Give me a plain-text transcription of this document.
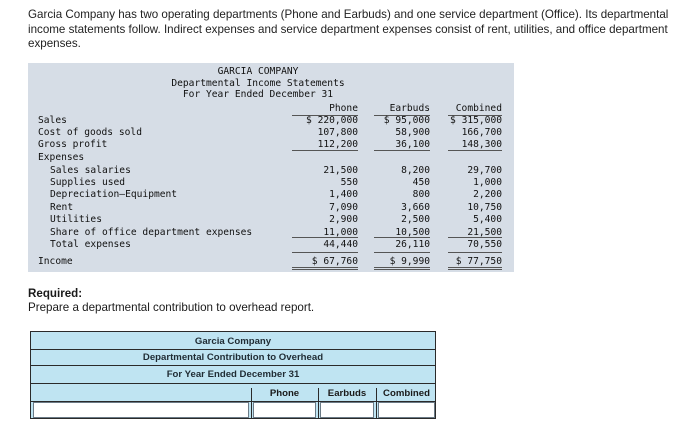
Garcia Company has two operating departments (Phone and Earbuds) and one service department (Office). Its departmental income statements follow. Indirect expenses and service department expenses consist of rent, utilities, and office department expenses.
GARCIA COMPANY
Departmental Income Statements
For Year Ended December 31
Phone	Earbuds	Combined
Sales	$ 220,000	$ 95,000	$ 315,000
Cost of goods sold	107,800	58,900	166,700
Gross profit	112,200	36,100	148,300
Expenses
Sales salaries	21,500	8,200	29,700
Supplies used	550	450	1,000
Depreciation—Equipment	1,400	800	2,200
Rent	7,090	3,660	10,750
Utilities	2,900	2,500	5,400
Share of office department expenses	11,000	10,500	21,500
Total expenses	44,440	26,110	70,550
Income	$ 67,760	$ 9,990	$ 77,750
Required:
Prepare a departmental contribution to overhead report.
Garcia Company
Departmental Contribution to Overhead
For Year Ended December 31
Phone	Earbuds	Combined
